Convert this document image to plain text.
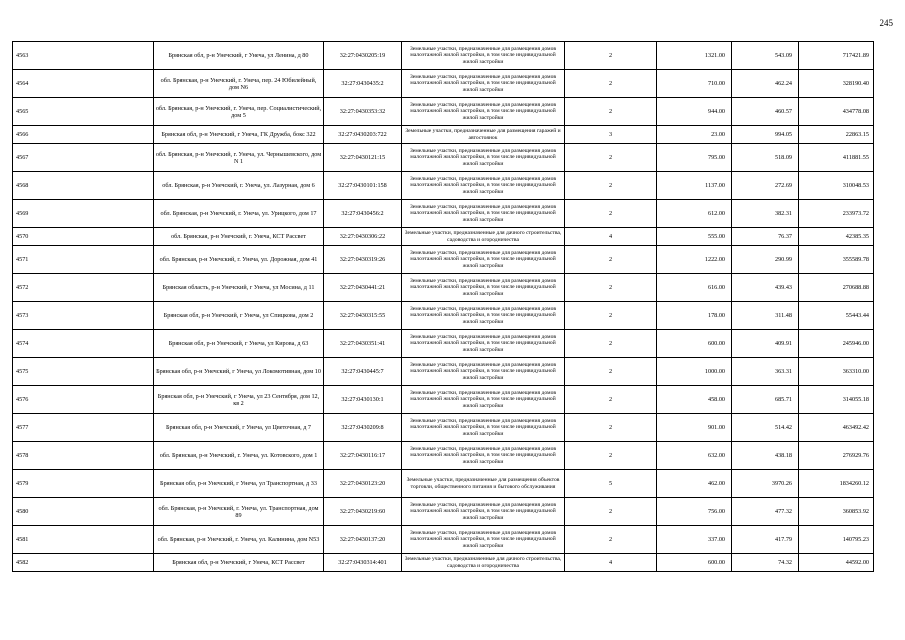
245
4563	Брянская обл, р-н Унечский, г Унеча, ул Ленина, д 80	32:27:0430205:19	Земельные участки, предназначенные для размещения домов малоэтажной жилой застройки, в том числе индивидуальной жилой застройки	2	1321.00	543.09	717421.89
4564	обл. Брянская, р-н Унечский, г. Унеча, пер. 24 Юбилейный, дом N6	32:27:0430435:2	Земельные участки, предназначенные для размещения домов малоэтажной жилой застройки, в том числе индивидуальной жилой застройки	2	710.00	462.24	328190.40
4565	обл. Брянская, р-н Унечский, г. Унеча, пер. Социалистический, дом 5	32:27:0430353:32	Земельные участки, предназначенные для размещения домов малоэтажной жилой застройки, в том числе индивидуальной жилой застройки	2	944.00	460.57	434778.08
4566	Брянская обл, р-н Унечский, г Унеча, ГК Дружба, бокс 322	32:27:0430203:722	Земельные участки, предназначенные для размещения гаражей и автостоянок	3	23.00	994.05	22863.15
4567	обл. Брянская, р-н Унечский, г. Унеча, ул. Чернышевского, дом N 1	32:27:0430121:15	Земельные участки, предназначенные для размещения домов малоэтажной жилой застройки, в том числе индивидуальной жилой застройки	2	795.00	518.09	411881.55
4568	обл. Брянская, р-н Унечский, г. Унеча, ул. Лазурная, дом 6	32:27:0430101:158	Земельные участки, предназначенные для размещения домов малоэтажной жилой застройки, в том числе индивидуальной жилой застройки	2	1137.00	272.69	310048.53
4569	обл. Брянская, р-н Унечский, г. Унеча, ул. Урицкого, дом 17	32:27:0430456:2	Земельные участки, предназначенные для размещения домов малоэтажной жилой застройки, в том числе индивидуальной жилой застройки	2	612.00	382.31	233973.72
4570	обл. Брянская, р-н Унечский, г. Унеча, КСТ Рассвет	32:27:0430306:22	Земельные участки, предназначенные для дачного строительства, садоводства и огородничества	4	555.00	76.37	42385.35
4571	обл. Брянская, р-н Унечский, г. Унеча, ул. Дорожная, дом 41	32:27:0430319:26	Земельные участки, предназначенные для размещения домов малоэтажной жилой застройки, в том числе индивидуальной жилой застройки	2	1222.00	290.99	355589.78
4572	Брянская область, р-н Унечский, г Унеча, ул Мосина, д 11	32:27:0430441:21	Земельные участки, предназначенные для размещения домов малоэтажной жилой застройки, в том числе индивидуальной жилой застройки	2	616.00	439.43	270688.88
4573	Брянская обл, р-н Унечский, г Унеча, ул Спицкова, дом 2	32:27:0430315:55	Земельные участки, предназначенные для размещения домов малоэтажной жилой застройки, в том числе индивидуальной жилой застройки	2	178.00	311.48	55443.44
4574	Брянская обл, р-н Унечский, г Унеча, ул Кирова, д 63	32:27:0430351:41	Земельные участки, предназначенные для размещения домов малоэтажной жилой застройки, в том числе индивидуальной жилой застройки	2	600.00	409.91	245946.00
4575	Брянская обл, р-н Унечский, г Унеча, ул Локомотивная, дом 10	32:27:0430445:7	Земельные участки, предназначенные для размещения домов малоэтажной жилой застройки, в том числе индивидуальной жилой застройки	2	1000.00	363.31	363310.00
4576	Брянская обл, р-н Унечский, г Унеча, ул 23 Сентября, дом 12, кв 2	32:27:0430130:1	Земельные участки, предназначенные для размещения домов малоэтажной жилой застройки, в том числе индивидуальной жилой застройки	2	458.00	685.71	314055.18
4577	Брянская обл, р-н Унечский, г Унеча, ул Цветочная, д 7	32:27:0430209:8	Земельные участки, предназначенные для размещения домов малоэтажной жилой застройки, в том числе индивидуальной жилой застройки	2	901.00	514.42	463492.42
4578	обл. Брянская, р-н Унечский, г. Унеча, ул. Котовского, дом 1	32:27:0430116:17	Земельные участки, предназначенные для размещения домов малоэтажной жилой застройки, в том числе индивидуальной жилой застройки	2	632.00	438.18	276929.76
4579	Брянская обл, р-н Унечский, г Унеча, ул Транспортная, д 33	32:27:0430123:20	Земельные участки, предназначенные для размещения объектов торговли, общественного питания и бытового обслуживания	5	462.00	3970.26	1834260.12
4580	обл. Брянская, р-н Унечский, г. Унеча, ул. Транспортная, дом 89	32:27:0430219:60	Земельные участки, предназначенные для размещения домов малоэтажной жилой застройки, в том числе индивидуальной жилой застройки	2	756.00	477.32	360853.92
4581	обл. Брянская, р-н Унечский, г. Унеча, ул. Калинина, дом N53	32:27:0430137:20	Земельные участки, предназначенные для размещения домов малоэтажной жилой застройки, в том числе индивидуальной жилой застройки	2	337.00	417.79	140795.23
4582	Брянская обл, р-н Унечский, г Унеча, КСТ Рассвет	32:27:0430314:401	Земельные участки, предназначенные для дачного строительства, садоводства и огородничества	4	600.00	74.32	44592.00
